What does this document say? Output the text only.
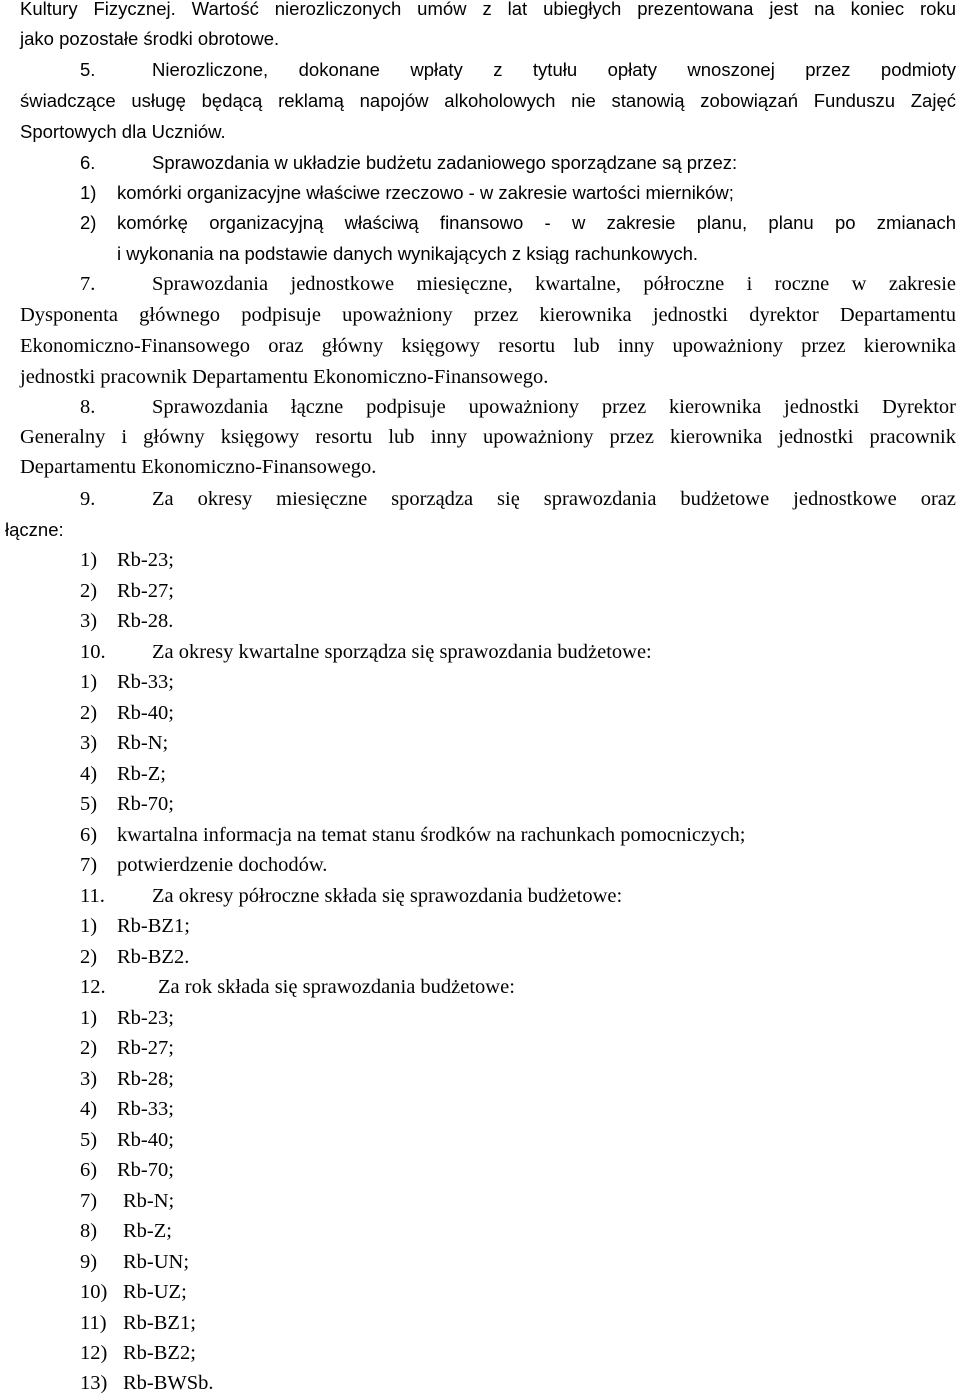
Kultury Fizycznej. Wartość nierozliczonych umów z lat ubiegłych prezentowana jest na koniec roku

jako pozostałe środki obrotowe.

5.	Nierozliczone, dokonane wpłaty z tytułu opłaty wnoszonej przez podmioty

świadczące usługę będącą reklamą napojów alkoholowych nie stanowią zobowiązań Funduszu Zajęć

Sportowych dla Uczniów.

6.	Sprawozdania w układzie budżetu zadaniowego sporządzane są przez:

1) komórki organizacyjne właściwe rzeczowo - w zakresie wartości mierników;

2) komórkę organizacyjną właściwą finansowo - w zakresie planu, planu po zmianach

i wykonania na podstawie danych wynikających z ksiąg rachunkowych.

7.	Sprawozdania jednostkowe miesięczne, kwartalne, półroczne i roczne w zakresie

Dysponenta głównego podpisuje upoważniony przez kierownika jednostki dyrektor Departamentu

Ekonomiczno-Finansowego oraz główny księgowy resortu lub inny upoważniony przez kierownika

jednostki pracownik Departamentu Ekonomiczno-Finansowego.

8.	Sprawozdania łączne podpisuje upoważniony przez kierownika jednostki Dyrektor

Generalny i główny księgowy resortu lub inny upoważniony przez kierownika jednostki pracownik

Departamentu Ekonomiczno-Finansowego.

9.	Za okresy miesięczne sporządza się sprawozdania budżetowe jednostkowe oraz

łączne:

1) Rb-23;

2) Rb-27;

3) Rb-28.

10. Za okresy kwartalne sporządza się sprawozdania budżetowe:

1) Rb-33;

2) Rb-40;

3) Rb-N;

4) Rb-Z;

5) Rb-70;

6) kwartalna informacja na temat stanu środków na rachunkach pomocniczych;

7) potwierdzenie dochodów.

11. Za okresy półroczne składa się sprawozdania budżetowe:

1) Rb-BZ1;

2) Rb-BZ2.

12.	Za rok składa się sprawozdania budżetowe:

1) Rb-23;

2) Rb-27;

3) Rb-28;

4) Rb-33;

5) Rb-40;

6) Rb-70;

7) Rb-N;

8) Rb-Z;

9) Rb-UN;

10) Rb-UZ;

11) Rb-BZ1;

12) Rb-BZ2;

13) Rb-BWSb.
